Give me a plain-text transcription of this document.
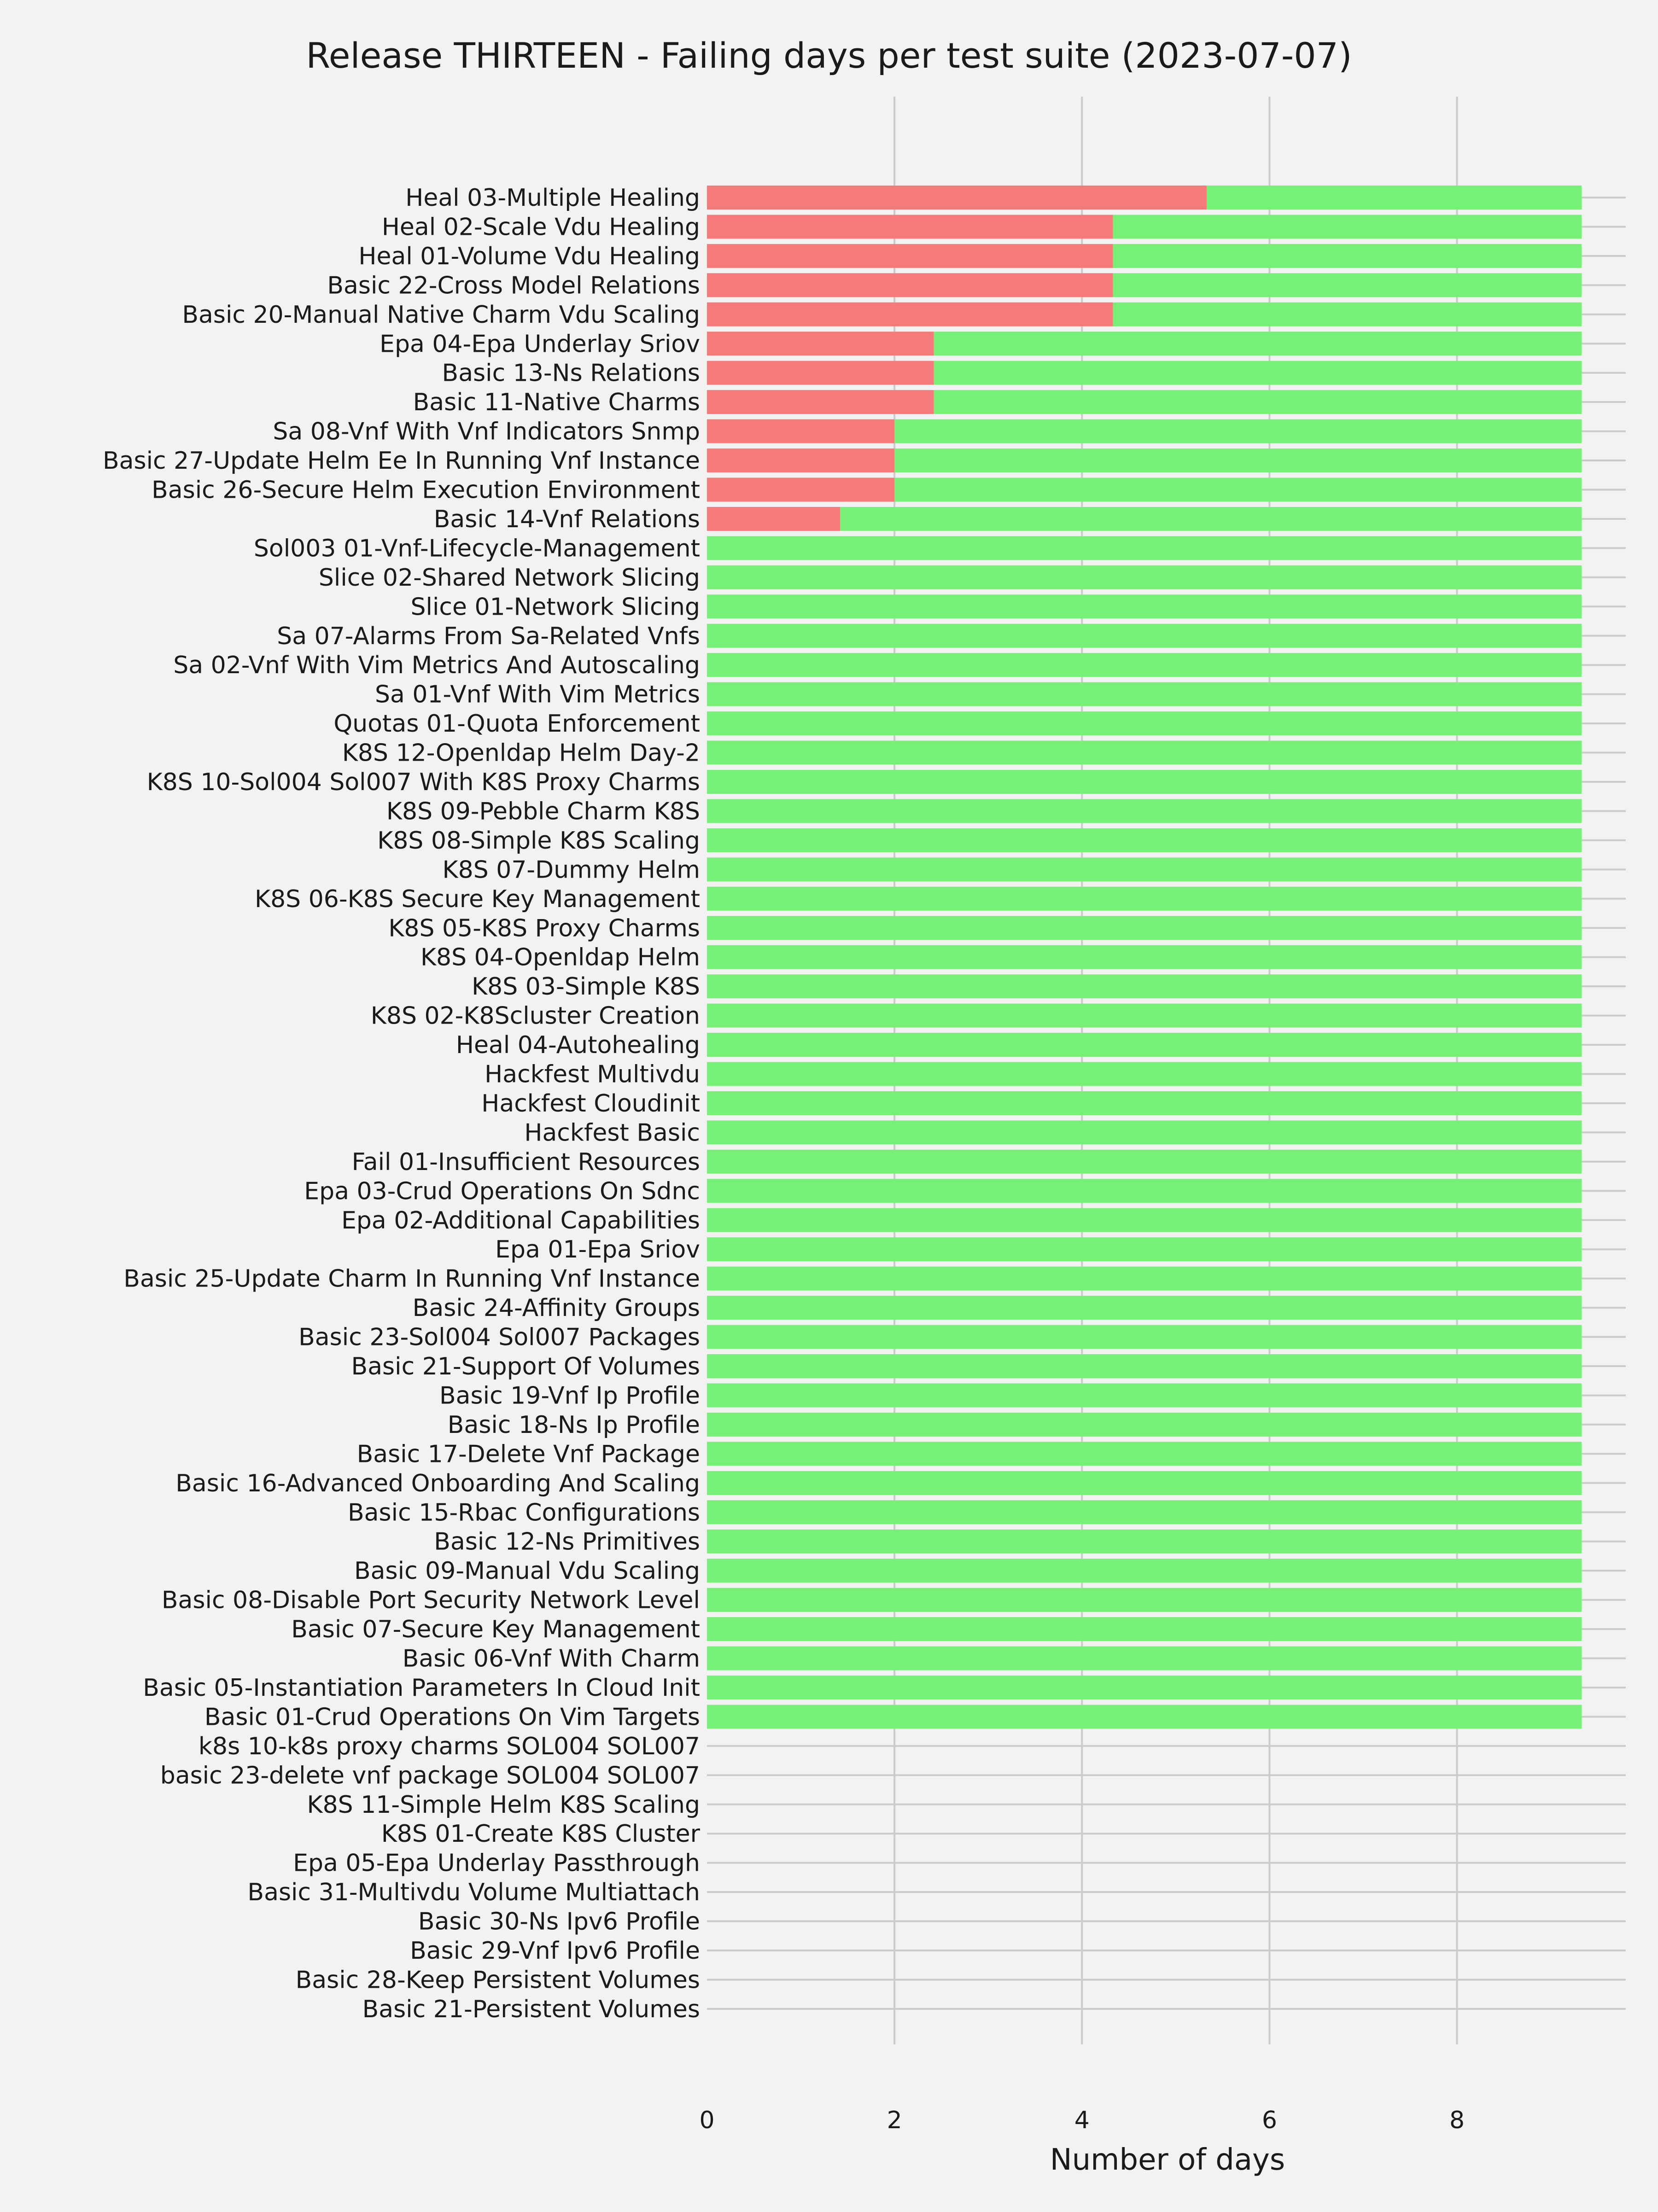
Release THIRTEEN - Failing days per test suite (2023-07-07)
Number of days
Heal 03-Multiple Healing
Heal 02-Scale Vdu Healing
Heal 01-Volume Vdu Healing
Basic 22-Cross Model Relations
Basic 20-Manual Native Charm Vdu Scaling
Epa 04-Epa Underlay Sriov
Basic 13-Ns Relations
Basic 11-Native Charms
Sa 08-Vnf With Vnf Indicators Snmp
Basic 27-Update Helm Ee In Running Vnf Instance
Basic 26-Secure Helm Execution Environment
Basic 14-Vnf Relations
Sol003 01-Vnf-Lifecycle-Management
Slice 02-Shared Network Slicing
Slice 01-Network Slicing
Sa 07-Alarms From Sa-Related Vnfs
Sa 02-Vnf With Vim Metrics And Autoscaling
Sa 01-Vnf With Vim Metrics
Quotas 01-Quota Enforcement
K8S 12-Openldap Helm Day-2
K8S 10-Sol004 Sol007 With K8S Proxy Charms
K8S 09-Pebble Charm K8S
K8S 08-Simple K8S Scaling
K8S 07-Dummy Helm
K8S 06-K8S Secure Key Management
K8S 05-K8S Proxy Charms
K8S 04-Openldap Helm
K8S 03-Simple K8S
K8S 02-K8Scluster Creation
Heal 04-Autohealing
Hackfest Multivdu
Hackfest Cloudinit
Hackfest Basic
Fail 01-Insufficient Resources
Epa 03-Crud Operations On Sdnc
Epa 02-Additional Capabilities
Epa 01-Epa Sriov
Basic 25-Update Charm In Running Vnf Instance
Basic 24-Affinity Groups
Basic 23-Sol004 Sol007 Packages
Basic 21-Support Of Volumes
Basic 19-Vnf Ip Profile
Basic 18-Ns Ip Profile
Basic 17-Delete Vnf Package
Basic 16-Advanced Onboarding And Scaling
Basic 15-Rbac Configurations
Basic 12-Ns Primitives
Basic 09-Manual Vdu Scaling
Basic 08-Disable Port Security Network Level
Basic 07-Secure Key Management
Basic 06-Vnf With Charm
Basic 05-Instantiation Parameters In Cloud Init
Basic 01-Crud Operations On Vim Targets
k8s 10-k8s proxy charms SOL004 SOL007
basic 23-delete vnf package SOL004 SOL007
K8S 11-Simple Helm K8S Scaling
K8S 01-Create K8S Cluster
Epa 05-Epa Underlay Passthrough
Basic 31-Multivdu Volume Multiattach
Basic 30-Ns Ipv6 Profile
Basic 29-Vnf Ipv6 Profile
Basic 28-Keep Persistent Volumes
Basic 21-Persistent Volumes
0	2	4	6	8
